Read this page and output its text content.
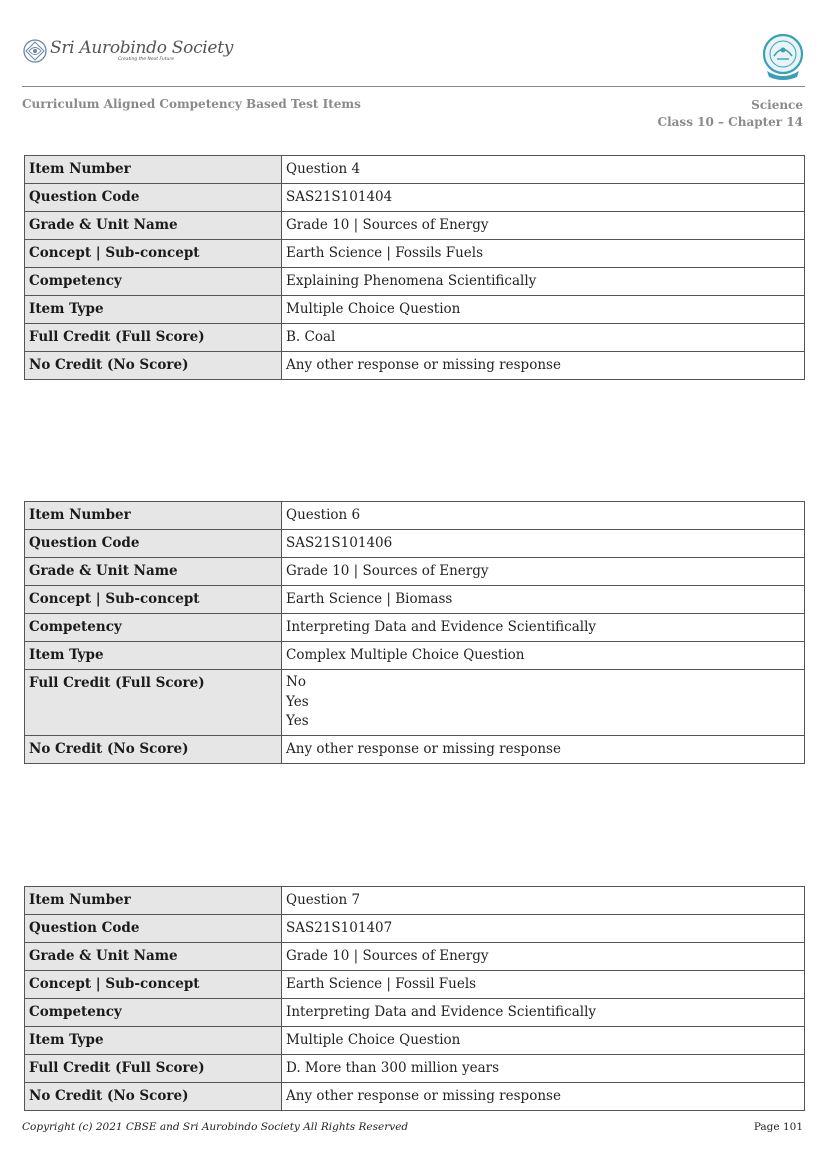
Sri Aurobindo Society
Creating the Next Future
Curriculum Aligned Competency Based Test Items	Science
Class 10 – Chapter 14
Item Number	Question 4
Question Code	SAS21S101404
Grade & Unit Name	Grade 10 | Sources of Energy
Concept | Sub-concept	Earth Science | Fossils Fuels
Competency	Explaining Phenomena Scientifically
Item Type	Multiple Choice Question
Full Credit (Full Score)	B. Coal
No Credit (No Score)	Any other response or missing response
Item Number	Question 6
Question Code	SAS21S101406
Grade & Unit Name	Grade 10 | Sources of Energy
Concept | Sub-concept	Earth Science | Biomass
Competency	Interpreting Data and Evidence Scientifically
Item Type	Complex Multiple Choice Question
Full Credit (Full Score)	No
Yes
Yes

No Credit (No Score)	Any other response or missing response
Item Number	Question 7
Question Code	SAS21S101407
Grade & Unit Name	Grade 10 | Sources of Energy
Concept | Sub-concept	Earth Science | Fossil Fuels
Competency	Interpreting Data and Evidence Scientifically
Item Type	Multiple Choice Question
Full Credit (Full Score)	D. More than 300 million years
No Credit (No Score)	Any other response or missing response
Copyright (c) 2021 CBSE and Sri Aurobindo Society All Rights Reserved	Page 101
